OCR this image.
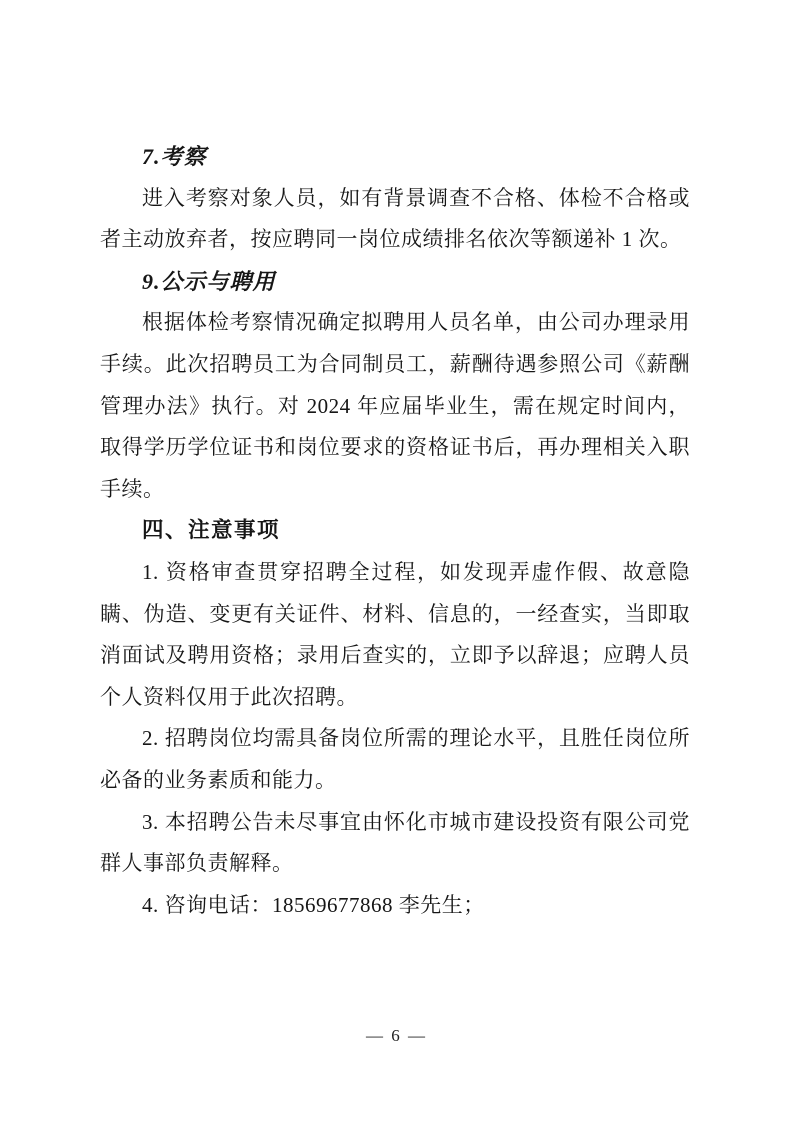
7.考察
进入考察对象人员，如有背景调查不合格、体检不合格或
者主动放弃者，按应聘同一岗位成绩排名依次等额递补 1 次。
9.公示与聘用
根据体检考察情况确定拟聘用人员名单，由公司办理录用
手续。此次招聘员工为合同制员工，薪酬待遇参照公司《薪酬
管理办法》执行。对 2024 年应届毕业生，需在规定时间内，
取得学历学位证书和岗位要求的资格证书后，再办理相关入职
手续。
四、注意事项
1. 资格审查贯穿招聘全过程，如发现弄虚作假、故意隐
瞒、伪造、变更有关证件、材料、信息的，一经查实，当即取
消面试及聘用资格；录用后查实的，立即予以辞退；应聘人员
个人资料仅用于此次招聘。
2. 招聘岗位均需具备岗位所需的理论水平，且胜任岗位所
必备的业务素质和能力。
3. 本招聘公告未尽事宜由怀化市城市建设投资有限公司党
群人事部负责解释。
4. 咨询电话：18569677868 李先生；
— 6 —
